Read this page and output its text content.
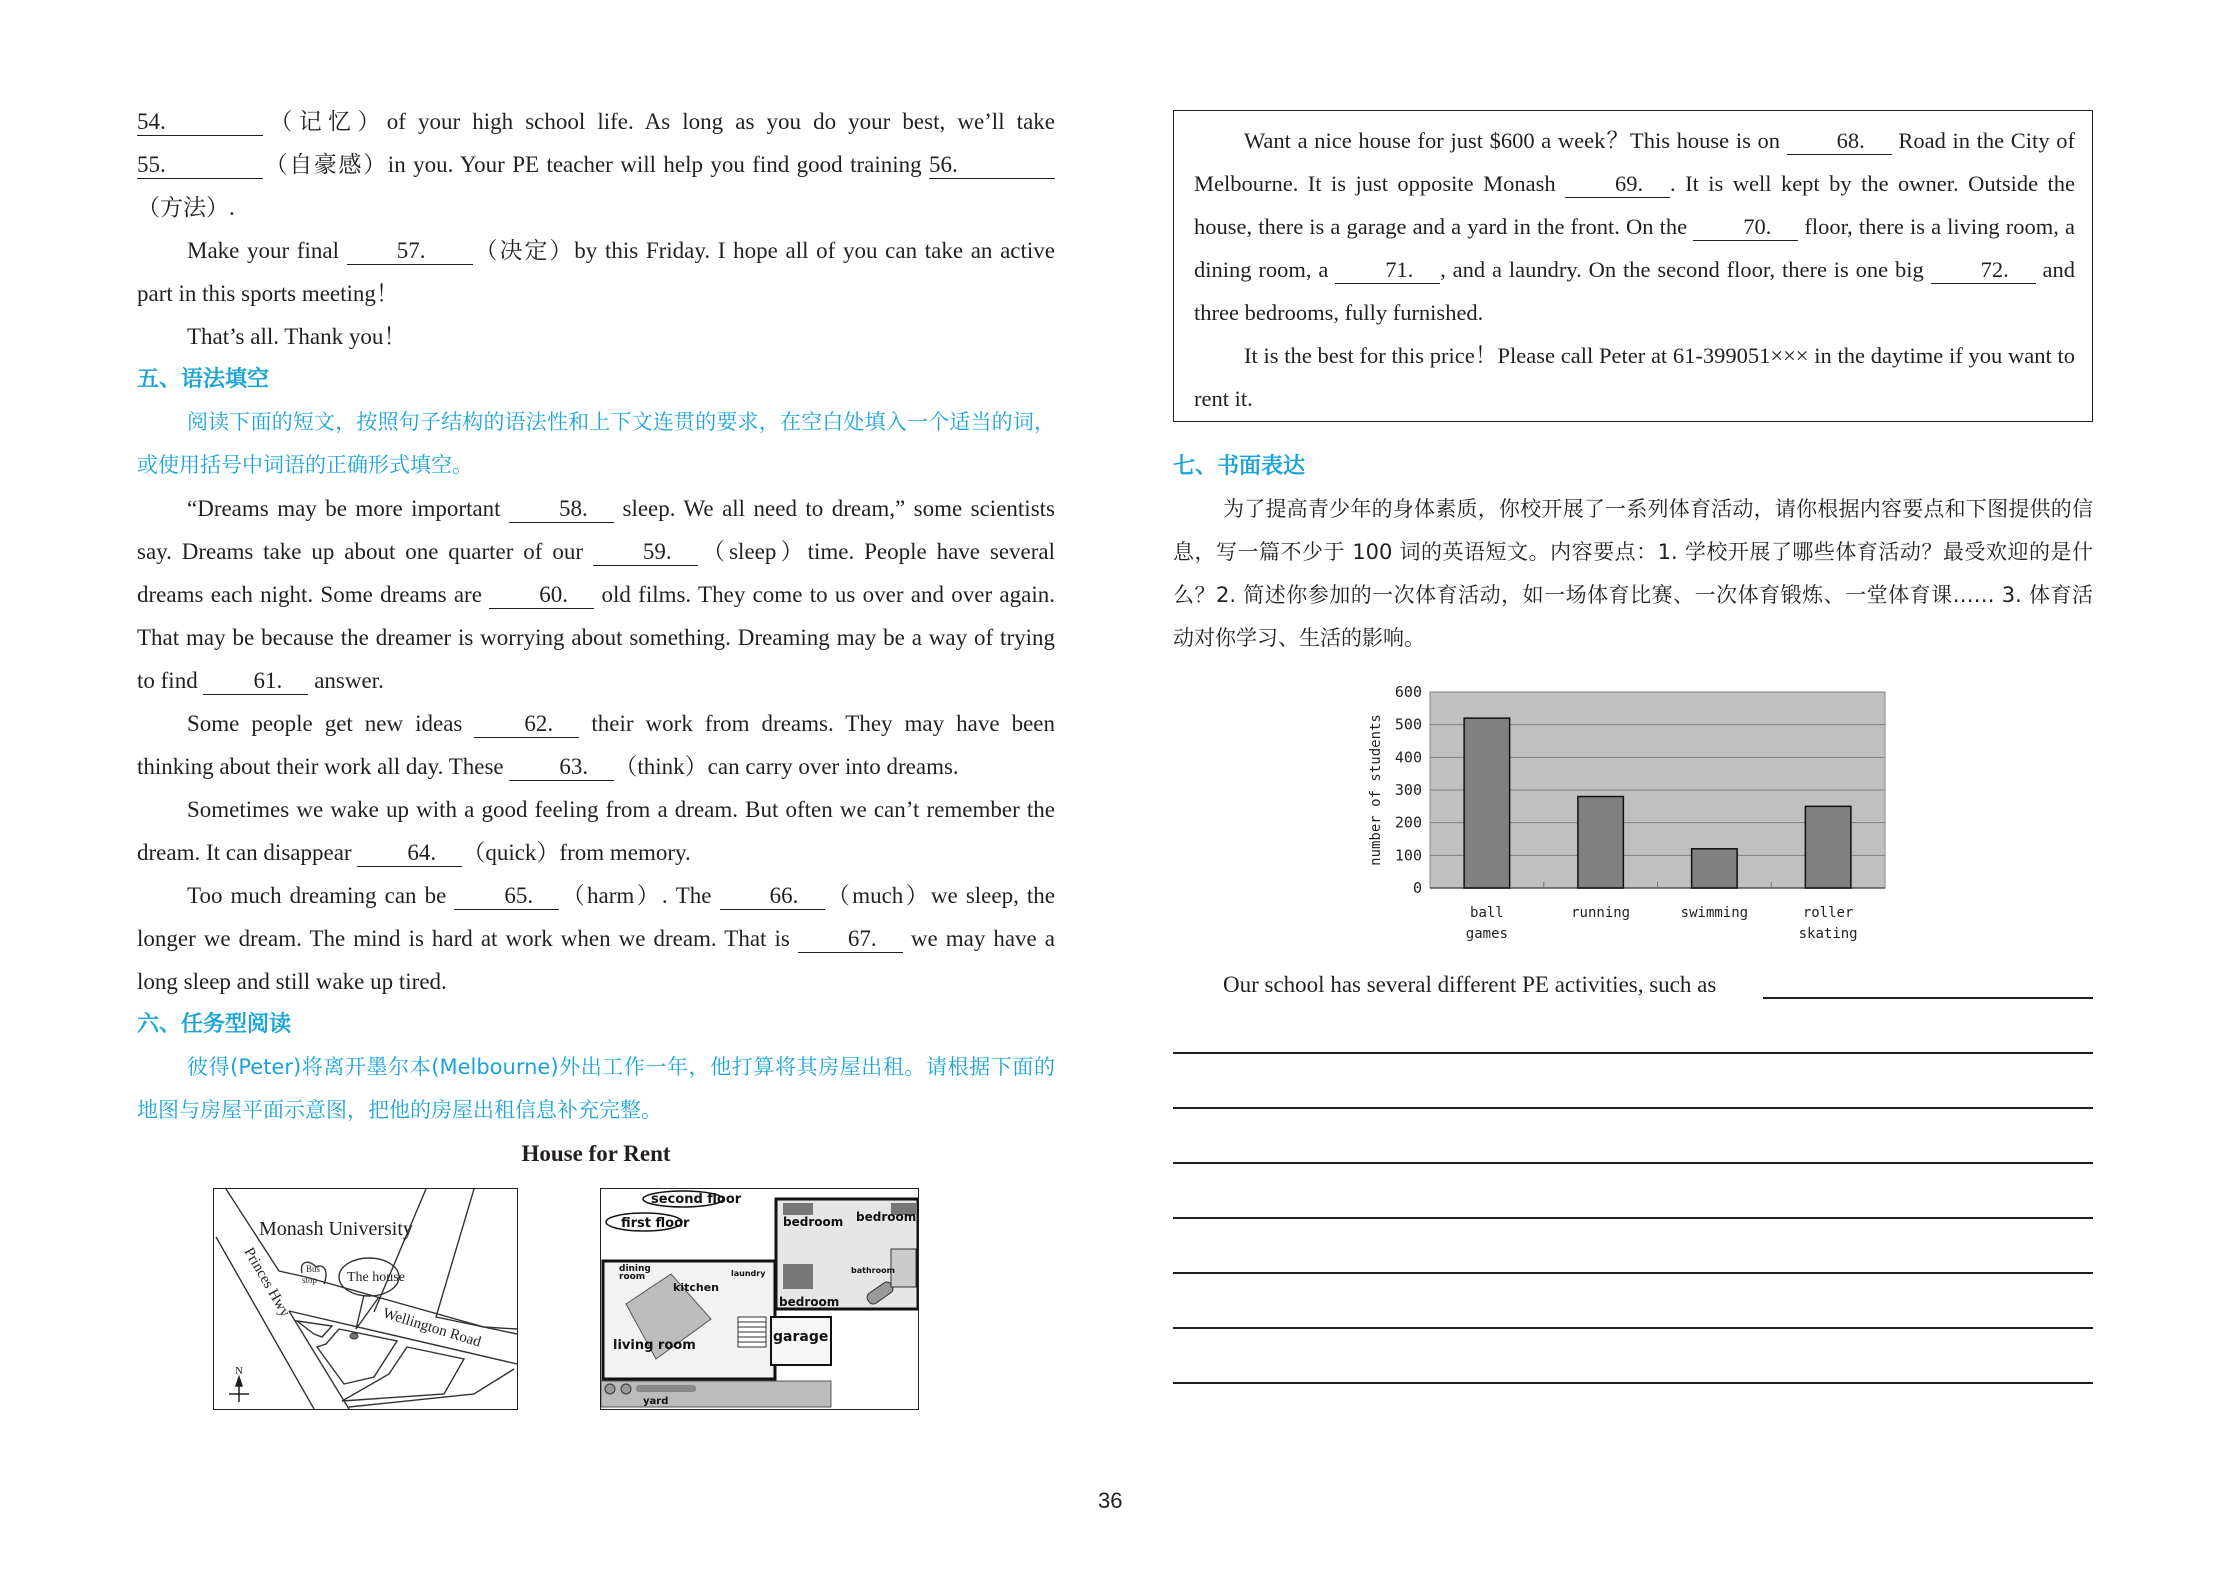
54.	（记忆）of your high school life. As long as you do your best, we’ll take 55.	（自豪感）in you. Your PE teacher will help you find good training 56.（方法）.

Make your final 57. （决定）by this Friday. I hope all of you can take an active part in this sports meeting！

That’s all. Thank you！

五、语法填空

阅读下面的短文，按照句子结构的语法性和上下文连贯的要求，在空白处填入一个适当的词，或使用括号中词语的正确形式填空。

“Dreams may be more important 58. sleep. We all need to dream,” some scientists say. Dreams take up about one quarter of our 59. （sleep）time. People have several dreams each night. Some dreams are 60. old films. They come to us over and over again. That may be because the dreamer is worrying about something. Dreaming may be a way of trying to find 61. answer.

Some people get new ideas 62. their work from dreams. They may have been thinking about their work all day. These 63. （think）can carry over into dreams.

Sometimes we wake up with a good feeling from a dream. But often we can’t remember the dream. It can disappear 64. （quick）from memory.

Too much dreaming can be 65. （harm）. The 66. （much）we sleep, the longer we dream. The mind is hard at work when we dream. That is 67. we may have a long sleep and still wake up tired.

六、任务型阅读

彼得(Peter)将离开墨尔本(Melbourne)外出工作一年，他打算将其房屋出租。请根据下面的地图与房屋平面示意图，把他的房屋出租信息补充完整。

House for Rent

Monash University
Bus
stop The house
Princes Hwy
Wellington Road
N
second floor
first floor	bedroom bedroom
bedroom
bathroom
dining
room
kitchen
laundry
living room
garage
yard

Want a nice house for just $600 a week？This house is on 68. Road in the City of Melbourne. It is just opposite Monash 69. . It is well kept by the owner. Outside the house, there is a garage and a yard in the front. On the 70. floor, there is a living room, a dining room, a 71. , and a laundry. On the second floor, there is one big 72. and three bedrooms, fully furnished.

It is the best for this price！Please call Peter at 61-399051××× in the daytime if you want to rent it.

七、书面表达

为了提高青少年的身体素质，你校开展了一系列体育活动，请你根据内容要点和下图提供的信息，写一篇不少于 100 词的英语短文。内容要点：1. 学校开展了哪些体育活动？最受欢迎的是什么？2. 简述你参加的一次体育活动，如一场体育比赛、一次体育锻炼、一堂体育课…… 3. 体育活动对你学习、生活的影响。

0
100
200
300
400
500
600
ball
games
running	swimming	roller
skating
number of students

Our school has several different PE activities, such as

36
